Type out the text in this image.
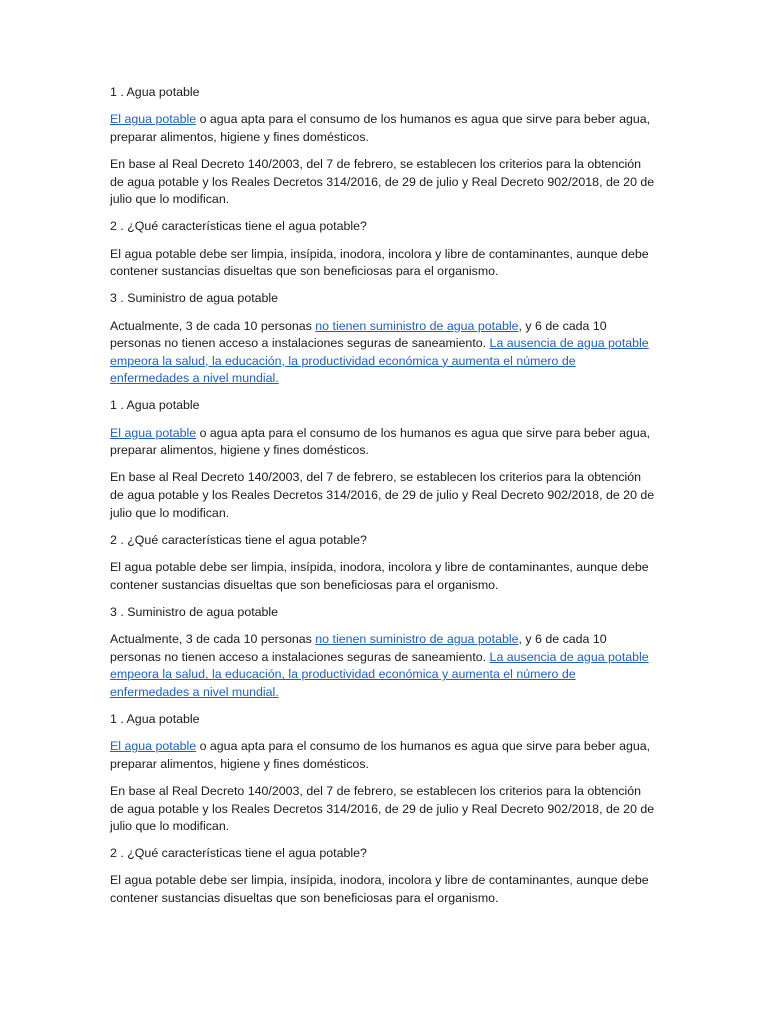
1 . Agua potable
El agua potable o agua apta para el consumo de los humanos es agua que sirve para beber agua, preparar alimentos, higiene y fines domésticos.
En base al Real Decreto 140/2003, del 7 de febrero, se establecen los criterios para la obtención de agua potable y los Reales Decretos 314/2016, de 29 de julio y Real Decreto 902/2018, de 20 de julio que lo modifican.
2 . ¿Qué características tiene el agua potable?
El agua potable debe ser limpia, insípida, inodora, incolora y libre de contaminantes, aunque debe contener sustancias disueltas que son beneficiosas para el organismo.
3 . Suministro de agua potable
Actualmente, 3 de cada 10 personas no tienen suministro de agua potable, y 6 de cada 10 personas no tienen acceso a instalaciones seguras de saneamiento. La ausencia de agua potable empeora la salud, la educación, la productividad económica y aumenta el número de enfermedades a nivel mundial.
1 . Agua potable
El agua potable o agua apta para el consumo de los humanos es agua que sirve para beber agua, preparar alimentos, higiene y fines domésticos.
En base al Real Decreto 140/2003, del 7 de febrero, se establecen los criterios para la obtención de agua potable y los Reales Decretos 314/2016, de 29 de julio y Real Decreto 902/2018, de 20 de julio que lo modifican.
2 . ¿Qué características tiene el agua potable?
El agua potable debe ser limpia, insípida, inodora, incolora y libre de contaminantes, aunque debe contener sustancias disueltas que son beneficiosas para el organismo.
3 . Suministro de agua potable
Actualmente, 3 de cada 10 personas no tienen suministro de agua potable, y 6 de cada 10 personas no tienen acceso a instalaciones seguras de saneamiento. La ausencia de agua potable empeora la salud, la educación, la productividad económica y aumenta el número de enfermedades a nivel mundial.
1 . Agua potable
El agua potable o agua apta para el consumo de los humanos es agua que sirve para beber agua, preparar alimentos, higiene y fines domésticos.
En base al Real Decreto 140/2003, del 7 de febrero, se establecen los criterios para la obtención de agua potable y los Reales Decretos 314/2016, de 29 de julio y Real Decreto 902/2018, de 20 de julio que lo modifican.
2 . ¿Qué características tiene el agua potable?
El agua potable debe ser limpia, insípida, inodora, incolora y libre de contaminantes, aunque debe contener sustancias disueltas que son beneficiosas para el organismo.
